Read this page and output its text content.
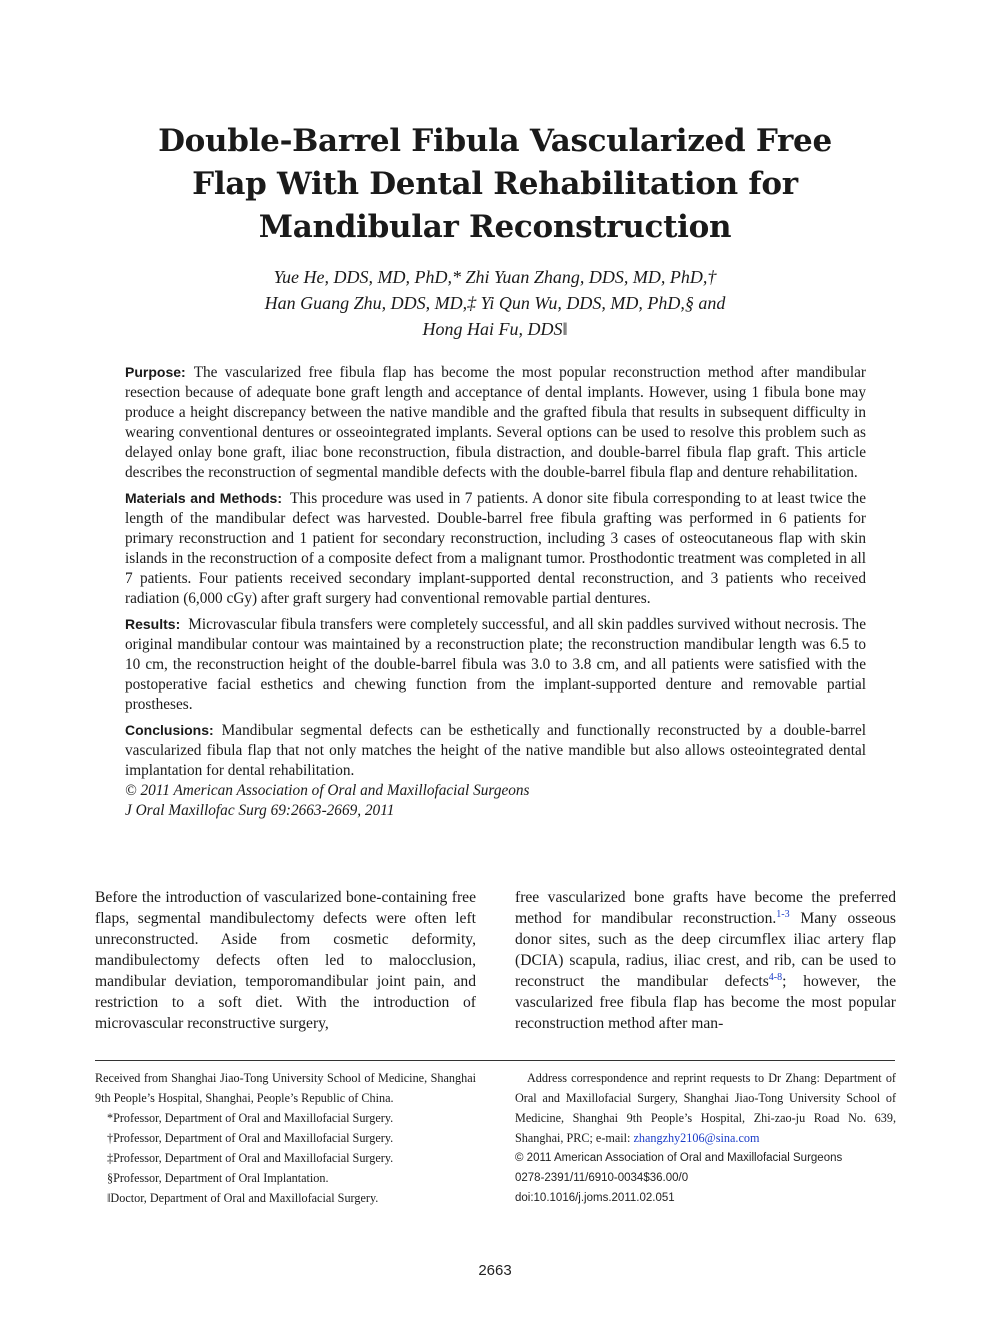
Double-Barrel Fibula Vascularized Free
Flap With Dental Rehabilitation for
Mandibular Reconstruction
Yue He, DDS, MD, PhD,* Zhi Yuan Zhang, DDS, MD, PhD,†
Han Guang Zhu, DDS, MD,‡ Yi Qun Wu, DDS, MD, PhD,§ and
Hong Hai Fu, DDS‖

Purpose: The vascularized free fibula flap has become the most popular reconstruction method after mandibular resection because of adequate bone graft length and acceptance of dental implants. However, using 1 fibula bone may produce a height discrepancy between the native mandible and the grafted fibula that results in subsequent difficulty in wearing conventional dentures or osseointegrated implants. Several options can be used to resolve this problem such as delayed onlay bone graft, iliac bone reconstruction, fibula distraction, and double-barrel fibula flap graft. This article describes the reconstruction of segmental mandible defects with the double-barrel fibula flap and denture rehabilitation.

Materials and Methods: This procedure was used in 7 patients. A donor site fibula corresponding to at least twice the length of the mandibular defect was harvested. Double-barrel free fibula grafting was performed in 6 patients for primary reconstruction and 1 patient for secondary reconstruction, including 3 cases of osteocutaneous flap with skin islands in the reconstruction of a composite defect from a malignant tumor. Prosthodontic treatment was completed in all 7 patients. Four patients received secondary implant-supported dental reconstruction, and 3 patients who received radiation (6,000 cGy) after graft surgery had conventional removable partial dentures.

Results: Microvascular fibula transfers were completely successful, and all skin paddles survived without necrosis. The original mandibular contour was maintained by a reconstruction plate; the reconstruction mandibular length was 6.5 to 10 cm, the reconstruction height of the double-barrel fibula was 3.0 to 3.8 cm, and all patients were satisfied with the postoperative facial esthetics and chewing function from the implant-supported denture and removable partial prostheses.

Conclusions: Mandibular segmental defects can be esthetically and functionally reconstructed by a double-barrel vascularized fibula flap that not only matches the height of the native mandible but also allows osteointegrated dental implantation for dental rehabilitation.

© 2011 American Association of Oral and Maxillofacial Surgeons

J Oral Maxillofac Surg 69:2663-2669, 2011

Before the introduction of vascularized bone-containing free flaps, segmental mandibulectomy defects were often left unreconstructed. Aside from cosmetic deformity, mandibulectomy defects often led to malocclusion, mandibular deviation, temporomandibular joint pain, and restriction to a soft diet. With the introduction of microvascular reconstructive surgery,

free vascularized bone grafts have become the preferred method for mandibular reconstruction.$^{1-3}$ Many osseous donor sites, such as the deep circumflex iliac artery flap (DCIA) scapula, radius, iliac crest, and rib, can be used to reconstruct the mandibular defects$^{4-8}$; however, the vascularized free fibula flap has become the most popular reconstruction method after man-

Received from Shanghai Jiao-Tong University School of Medicine, Shanghai 9th People’s Hospital, Shanghai, People’s Republic of China.

*Professor, Department of Oral and Maxillofacial Surgery.

†Professor, Department of Oral and Maxillofacial Surgery.

‡Professor, Department of Oral and Maxillofacial Surgery.

§Professor, Department of Oral Implantation.

‖Doctor, Department of Oral and Maxillofacial Surgery.

Address correspondence and reprint requests to Dr Zhang: Department of Oral and Maxillofacial Surgery, Shanghai Jiao-Tong University School of Medicine, Shanghai 9th People’s Hospital, Zhi-zao-ju Road No. 639, Shanghai, PRC; e-mail: zhangzhy2106@sina.com

© 2011 American Association of Oral and Maxillofacial Surgeons

0278-2391/11/6910-0034$36.00/0

doi:10.1016/j.joms.2011.02.051

2663
